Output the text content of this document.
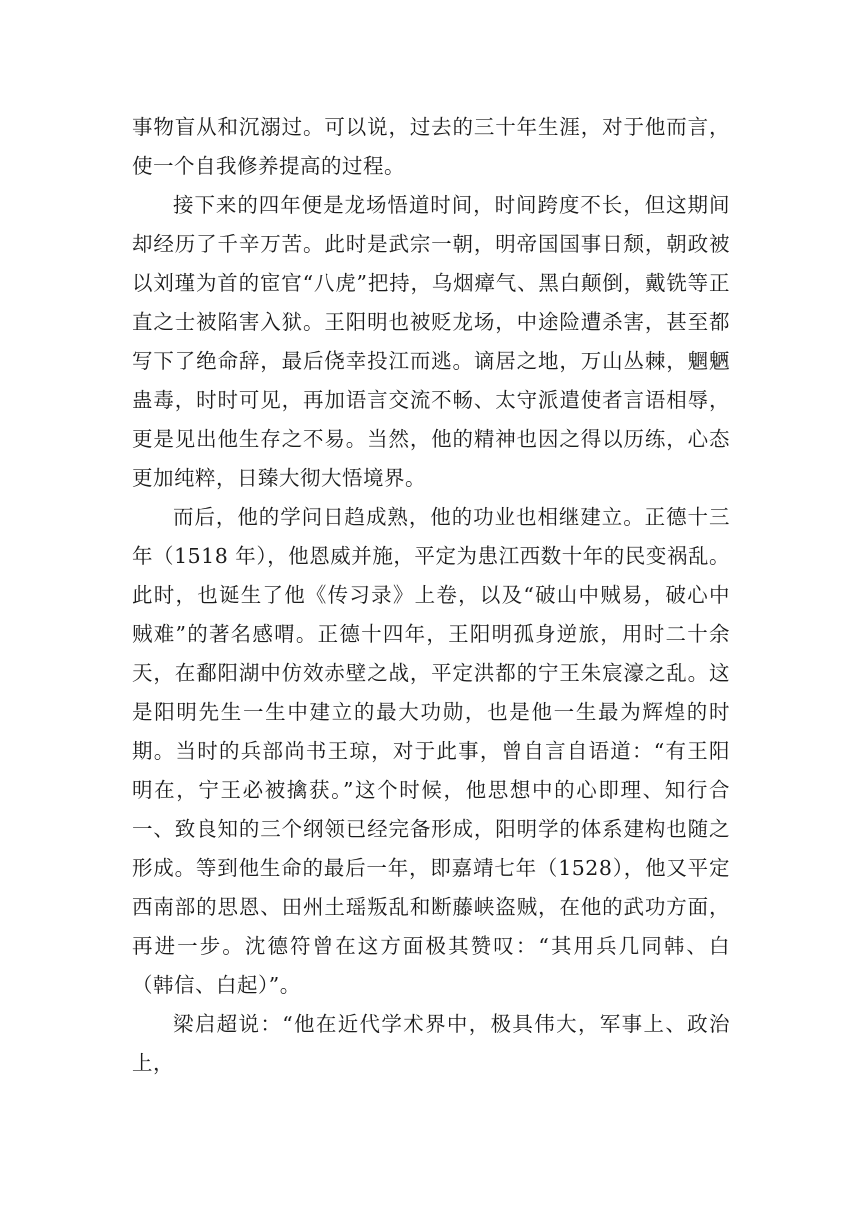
事物盲从和沉溺过。可以说，过去的三十年生涯，对于他而言，使一个自我修养提高的过程。

接下来的四年便是龙场悟道时间，时间跨度不长，但这期间却经历了千辛万苦。此时是武宗一朝，明帝国国事日颓，朝政被以刘瑾为首的宦官“八虎”把持，乌烟瘴气、黑白颠倒，戴铣等正直之士被陷害入狱。王阳明也被贬龙场，中途险遭杀害，甚至都写下了绝命辞，最后侥幸投江而逃。谪居之地，万山丛棘，魍魉蛊毒，时时可见，再加语言交流不畅、太守派遣使者言语相辱，更是见出他生存之不易。当然，他的精神也因之得以历练，心态更加纯粹，日臻大彻大悟境界。

而后，他的学问日趋成熟，他的功业也相继建立。正德十三年（1518 年），他恩威并施，平定为患江西数十年的民变祸乱。此时，也诞生了他《传习录》上卷，以及“破山中贼易，破心中贼难”的著名感喟。正德十四年，王阳明孤身逆旅，用时二十余天，在鄱阳湖中仿效赤壁之战，平定洪都的宁王朱宸濠之乱。这是阳明先生一生中建立的最大功勋，也是他一生最为辉煌的时期。当时的兵部尚书王琼，对于此事，曾自言自语道：“有王阳明在，宁王必被擒获。”这个时候，他思想中的心即理、知行合一、致良知的三个纲领已经完备形成，阳明学的体系建构也随之形成。等到他生命的最后一年，即嘉靖七年（1528），他又平定西南部的思恩、田州土瑶叛乱和断藤峡盗贼，在他的武功方面，再进一步。沈德符曾在这方面极其赞叹：“其用兵几同韩、白（韩信、白起）”。

梁启超说：“他在近代学术界中，极具伟大，军事上、政治上，
